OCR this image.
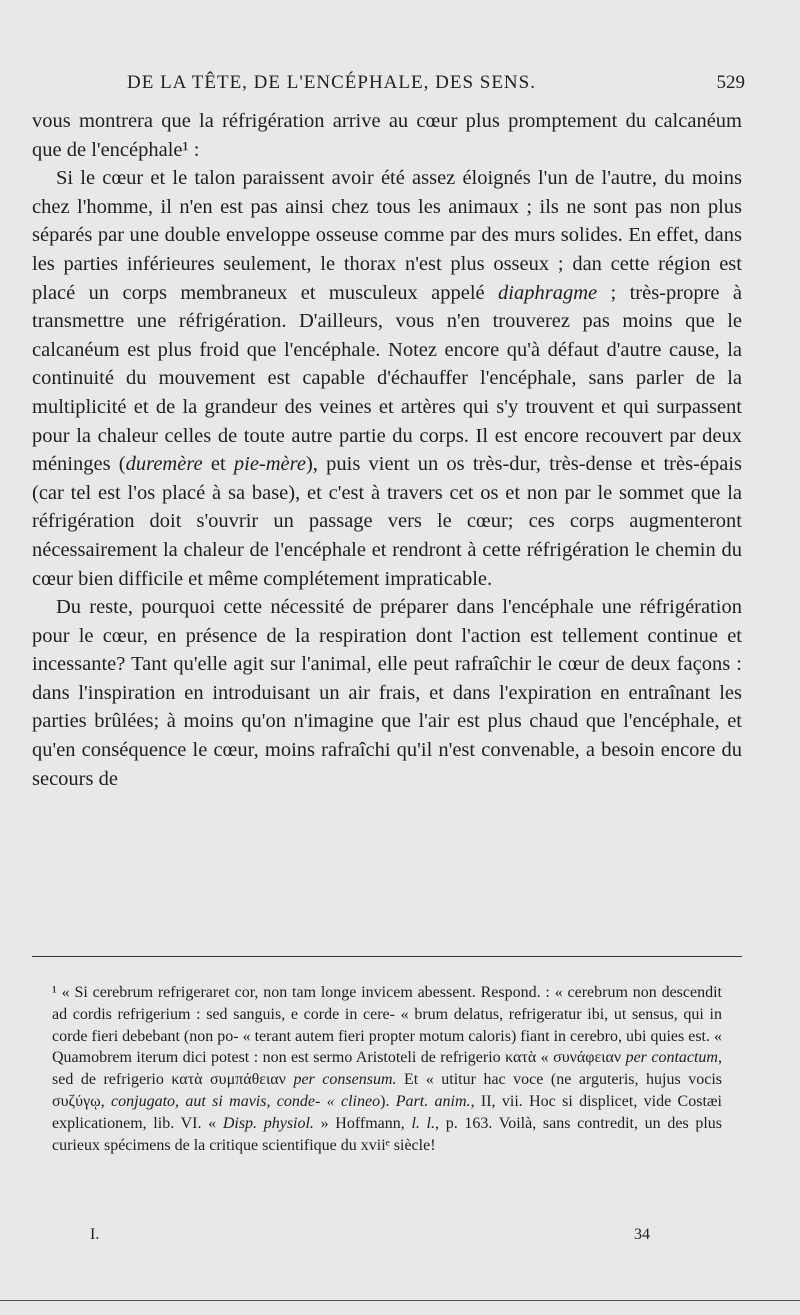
DE LA TÊTE, DE L'ENCÉPHALE, DES SENS.	529

vous montrera que la réfrigération arrive au cœur plus promptement du calcanéum que de l'encéphale¹ :

Si le cœur et le talon paraissent avoir été assez éloignés l'un de l'autre, du moins chez l'homme, il n'en est pas ainsi chez tous les animaux ; ils ne sont pas non plus séparés par une double enveloppe osseuse comme par des murs solides. En effet, dans les parties inférieures seulement, le thorax n'est plus osseux ; dan cette région est placé un corps membraneux et musculeux appelé diaphragme ; très-propre à transmettre une réfrigération. D'ailleurs, vous n'en trouverez pas moins que le calcanéum est plus froid que l'encéphale. Notez encore qu'à défaut d'autre cause, la continuité du mouvement est capable d'échauffer l'encéphale, sans parler de la multiplicité et de la grandeur des veines et artères qui s'y trouvent et qui surpassent pour la chaleur celles de toute autre partie du corps. Il est encore recouvert par deux méninges (duremère et pie-mère), puis vient un os très-dur, très-dense et très-épais (car tel est l'os placé à sa base), et c'est à travers cet os et non par le sommet que la réfrigération doit s'ouvrir un passage vers le cœur; ces corps augmenteront nécessairement la chaleur de l'encéphale et rendront à cette réfrigération le chemin du cœur bien difficile et même complétement impraticable.

Du reste, pourquoi cette nécessité de préparer dans l'encéphale une réfrigération pour le cœur, en présence de la respiration dont l'action est tellement continue et incessante? Tant qu'elle agit sur l'animal, elle peut rafraîchir le cœur de deux façons : dans l'inspiration en introduisant un air frais, et dans l'expiration en entraînant les parties brûlées; à moins qu'on n'imagine que l'air est plus chaud que l'encéphale, et qu'en conséquence le cœur, moins rafraîchi qu'il n'est convenable, a besoin encore du secours de

¹ « Si cerebrum refrigeraret cor, non tam longe invicem abessent. Respond. : « cerebrum non descendit ad cordis refrigerium : sed sanguis, e corde in cere- « brum delatus, refrigeratur ibi, ut sensus, qui in corde fieri debebant (non po- « terant autem fieri propter motum caloris) fiant in cerebro, ubi quies est. « Quamobrem iterum dici potest : non est sermo Aristoteli de refrigerio κατὰ « συνάφειαν per contactum, sed de refrigerio κατὰ συμπάθειαν per consensum. Et « utitur hac voce (ne arguteris, hujus vocis συζύγῳ, conjugato, aut si mavis, conde- « clineo). Part. anim., II, vii. Hoc si displicet, vide Costæi explicationem, lib. VI. « Disp. physiol. » Hoffmann, l. l., p. 163. Voilà, sans contredit, un des plus curieux spécimens de la critique scientifique du xviiᵉ siècle!
I.	34
